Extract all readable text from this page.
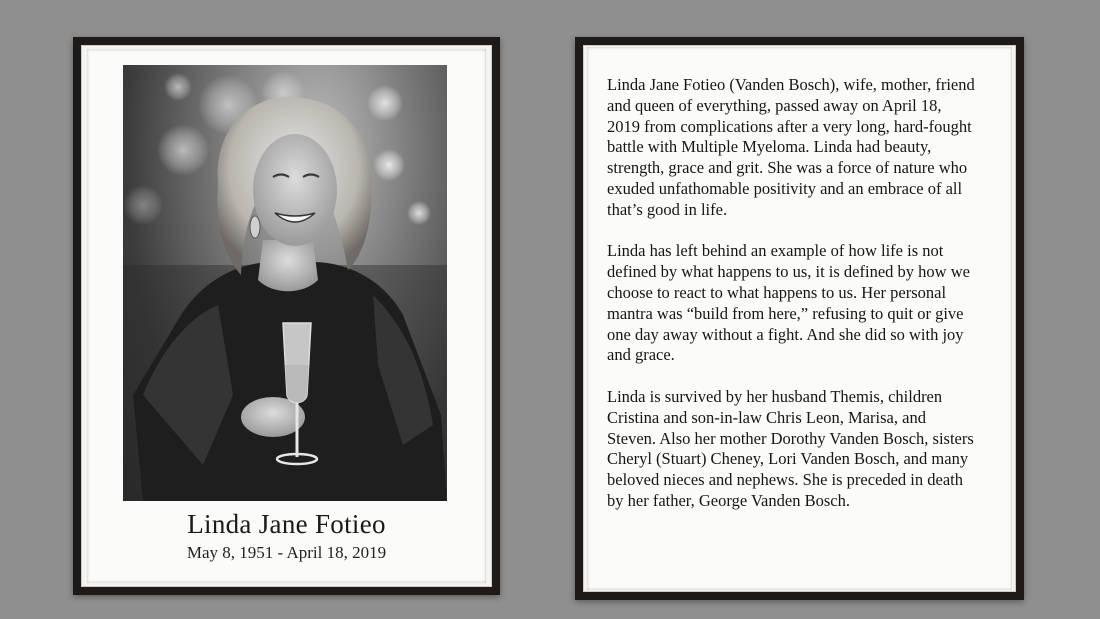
Linda Jane Fotieo
May 8, 1951 - April 18, 2019

Linda Jane Fotieo (Vanden Bosch), wife, mother, friend and queen of everything, passed away on April 18, 2019 from complications after a very long, hard-fought battle with Multiple Myeloma. Linda had beauty, strength, grace and grit. She was a force of nature who exuded unfathomable positivity and an embrace of all that’s good in life.

Linda has left behind an example of how life is not defined by what happens to us, it is defined by how we choose to react to what happens to us. Her personal mantra was “build from here,” refusing to quit or give one day away without a fight. And she did so with joy and grace.

Linda is survived by her husband Themis, children Cristina and son-in-law Chris Leon, Marisa, and Steven. Also her mother Dorothy Vanden Bosch, sisters Cheryl (Stuart) Cheney, Lori Vanden Bosch, and many beloved nieces and nephews. She is preceded in death by her father, George Vanden Bosch.
